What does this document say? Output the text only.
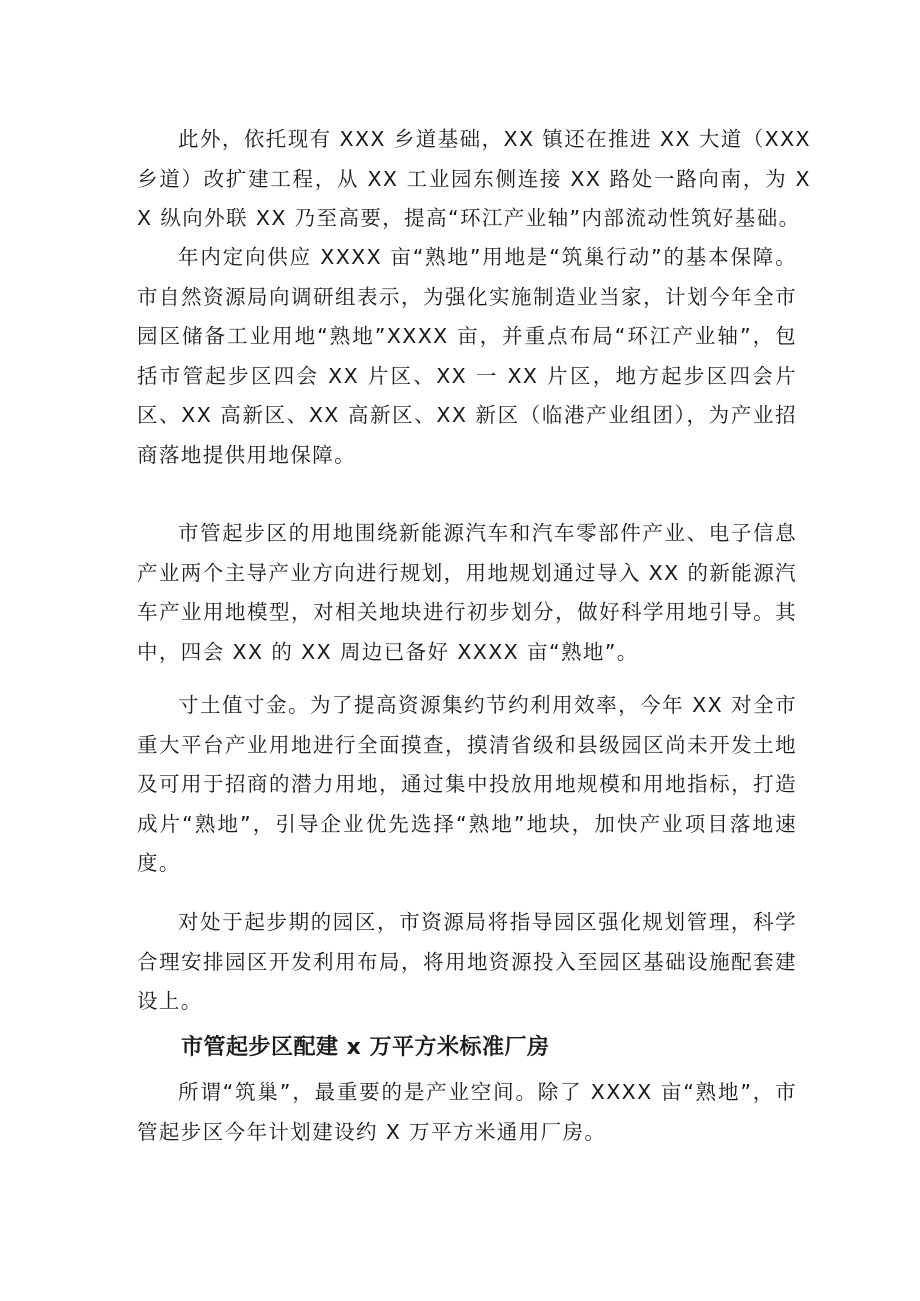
此外，依托现有 XXX 乡道基础，XX 镇还在推进 XX 大道（XXX 乡道）改扩建工程，从 XX 工业园东侧连接 XX 路处一路向南，为 XX 纵向外联 XX 乃至高要，提高“环江产业轴”内部流动性筑好基础。

年内定向供应 XXXX 亩“熟地”用地是“筑巢行动”的基本保障。市自然资源局向调研组表示，为强化实施制造业当家，计划今年全市园区储备工业用地“熟地”XXXX 亩，并重点布局“环江产业轴”，包括市管起步区四会 XX 片区、XX 一 XX 片区，地方起步区四会片区、XX 高新区、XX 高新区、XX 新区（临港产业组团），为产业招商落地提供用地保障。

市管起步区的用地围绕新能源汽车和汽车零部件产业、电子信息产业两个主导产业方向进行规划，用地规划通过导入 XX 的新能源汽车产业用地模型，对相关地块进行初步划分，做好科学用地引导。其中，四会 XX 的 XX 周边已备好 XXXX 亩“熟地”。

寸土值寸金。为了提高资源集约节约利用效率，今年 XX 对全市重大平台产业用地进行全面摸查，摸清省级和县级园区尚未开发土地及可用于招商的潜力用地，通过集中投放用地规模和用地指标，打造成片“熟地”，引导企业优先选择“熟地”地块，加快产业项目落地速度。

对处于起步期的园区，市资源局将指导园区强化规划管理，科学合理安排园区开发利用布局，将用地资源投入至园区基础设施配套建设上。

市管起步区配建 x 万平方米标准厂房

所谓“筑巢”，最重要的是产业空间。除了 XXXX 亩“熟地”，市管起步区今年计划建设约 X 万平方米通用厂房。
